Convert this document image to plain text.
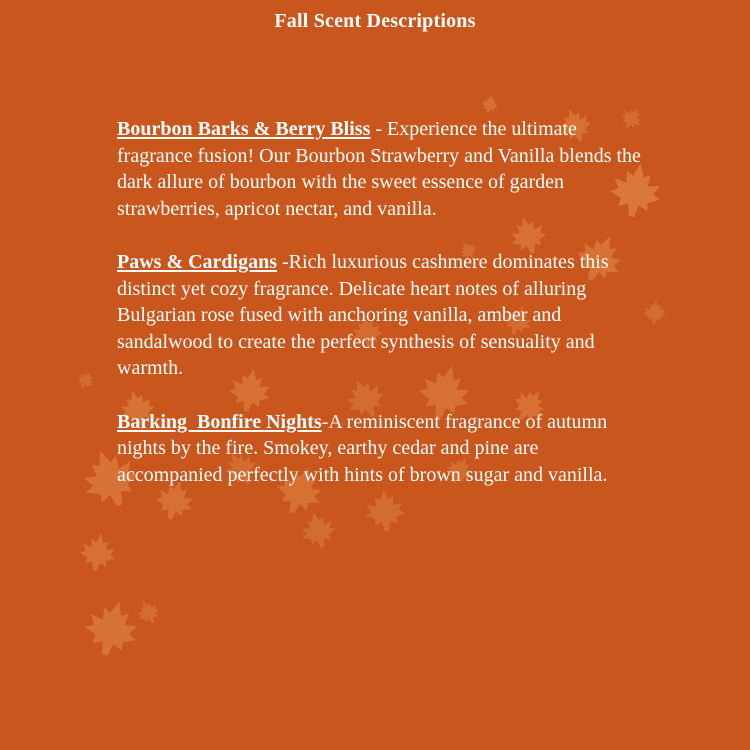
Fall Scent Descriptions

Bourbon Barks & Berry Bliss - Experience the ultimate fragrance fusion! Our Bourbon Strawberry and Vanilla blends the dark allure of bourbon with the sweet essence of garden strawberries, apricot nectar, and vanilla.

Paws & Cardigans -Rich luxurious cashmere dominates this distinct yet cozy fragrance. Delicate heart notes of alluring Bulgarian rose fused with anchoring vanilla, amber and sandalwood to create the perfect synthesis of sensuality and warmth.

Barking  Bonfire Nights-A reminiscent fragrance of autumn nights by the fire. Smokey, earthy cedar and pine are accompanied perfectly with hints of brown sugar and vanilla.
